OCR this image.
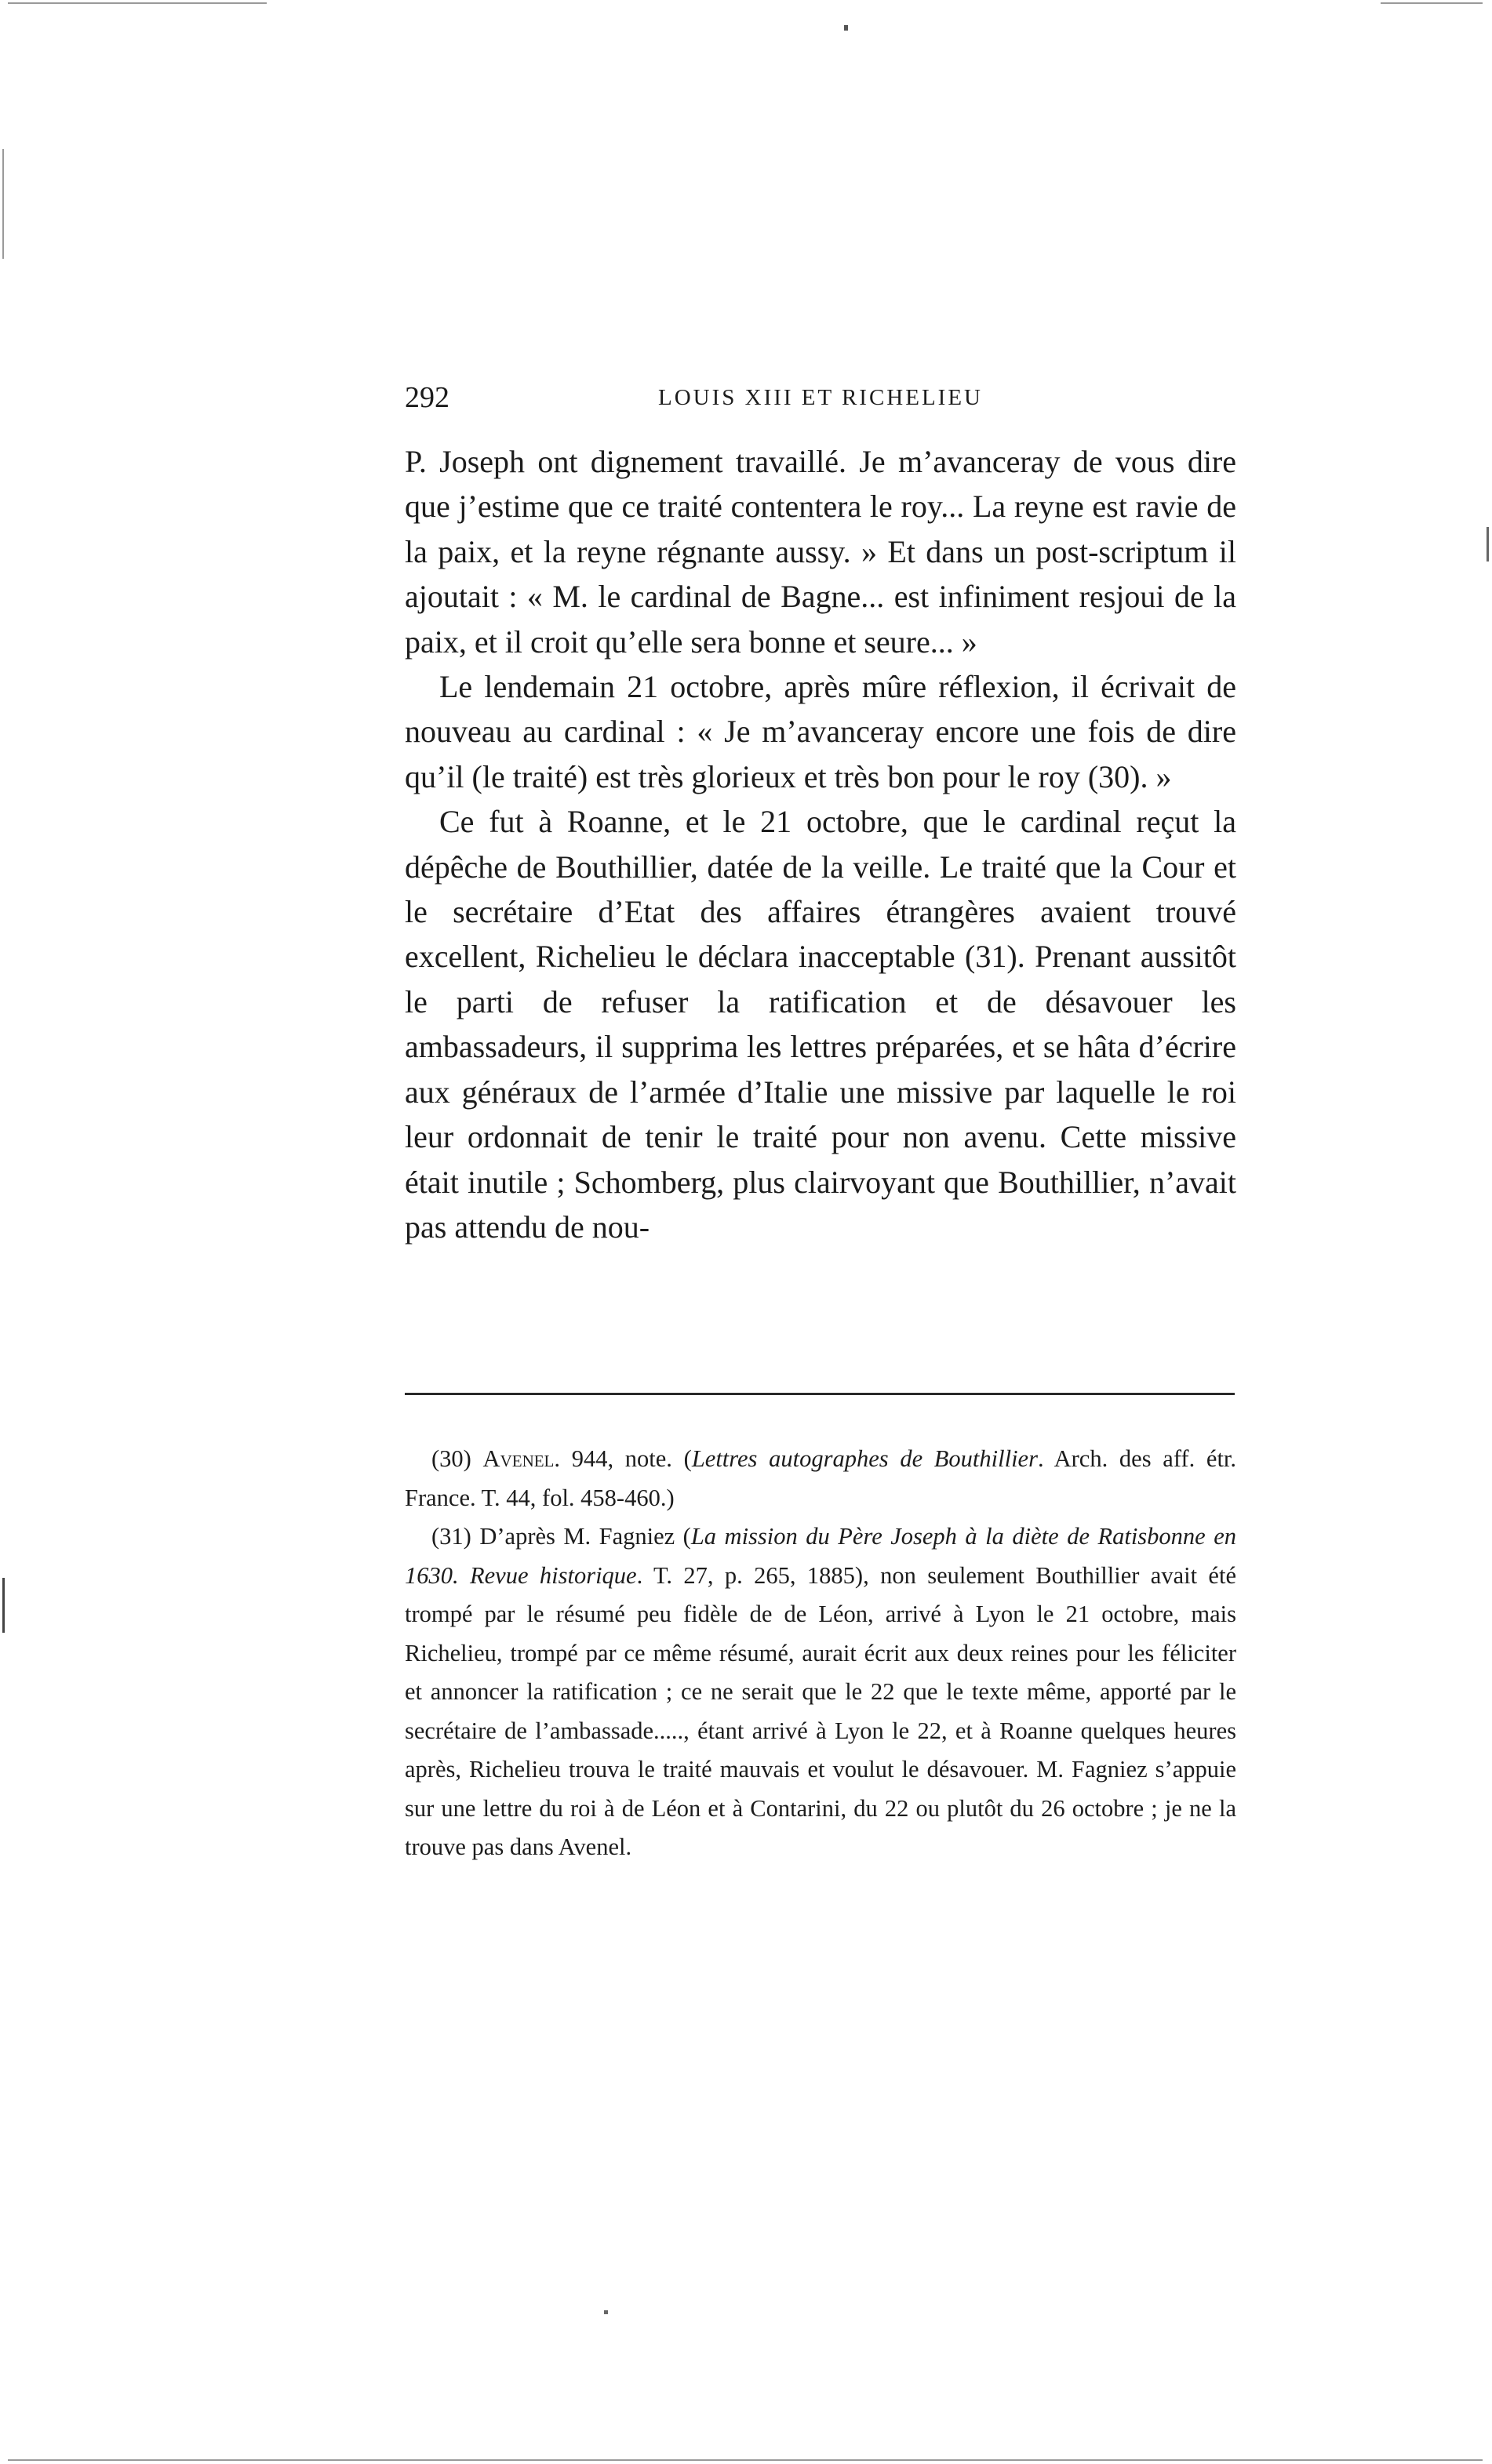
292	LOUIS XIII ET RICHELIEU

P. Joseph ont dignement travaillé. Je m’avanceray de vous dire que j’estime que ce traité contentera le roy... La reyne est ravie de la paix, et la reyne régnante aussy. » Et dans un post-scriptum il ajoutait : « M. le cardinal de Bagne... est infiniment resjoui de la paix, et il croit qu’elle sera bonne et seure... »

Le lendemain 21 octobre, après mûre réflexion, il écrivait de nouveau au cardinal : « Je m’avanceray encore une fois de dire qu’il (le traité) est très glorieux et très bon pour le roy (30). »

Ce fut à Roanne, et le 21 octobre, que le cardinal reçut la dépêche de Bouthillier, datée de la veille. Le traité que la Cour et le secrétaire d’Etat des affaires étrangères avaient trouvé excellent, Richelieu le déclara inacceptable (31). Prenant aussitôt le parti de refuser la ratification et de désavouer les ambassadeurs, il supprima les lettres préparées, et se hâta d’écrire aux généraux de l’armée d’Italie une missive par laquelle le roi leur ordonnait de tenir le traité pour non avenu. Cette missive était inutile ; Schomberg, plus clairvoyant que Bouthillier, n’avait pas attendu de nou-

(30) Avenel. 944, note. (Lettres autographes de Bouthillier. Arch. des aff. étr. France. T. 44, fol. 458-460.)

(31) D’après M. Fagniez (La mission du Père Joseph à la diète de Ratisbonne en 1630. Revue historique. T. 27, p. 265, 1885), non seulement Bouthillier avait été trompé par le résumé peu fidèle de de Léon, arrivé à Lyon le 21 octobre, mais Richelieu, trompé par ce même résumé, aurait écrit aux deux reines pour les féliciter et annoncer la ratification ; ce ne serait que le 22 que le texte même, apporté par le secrétaire de l’ambassade....., étant arrivé à Lyon le 22, et à Roanne quelques heures après, Richelieu trouva le traité mauvais et voulut le désavouer. M. Fagniez s’appuie sur une lettre du roi à de Léon et à Contarini, du 22 ou plutôt du 26 octobre ; je ne la trouve pas dans Avenel.
